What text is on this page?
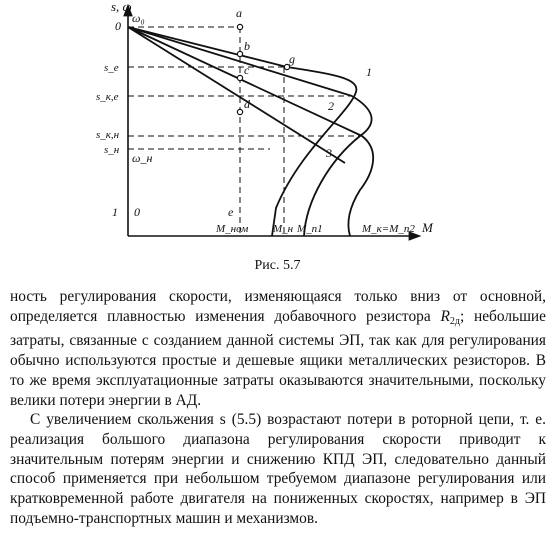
s, ω
0
ω₀	a
b
g
c
d
s_e
s_к,е
s_к,н
s_н
ω_н
1 0	e
1
2
3
M_ном M_н M_п1	M_к=M_п2 M
Рис. 5.7

ность регулирования скорости, изменяющаяся только вниз от основной, определяется плавностью изменения добавочного резистора $R_{2д}$; небольшие затраты, связанные с созданием данной системы ЭП, так как для регулирования обычно используются простые и дешевые ящики металлических резисторов. В то же время эксплуатационные затраты оказываются значительными, поскольку велики потери энергии в АД.

С увеличением скольжения s (5.5) возрастают потери в роторной цепи, т. е. реализация большого диапазона регулирования скорости приводит к значительным потерям энергии и снижению КПД ЭП, следовательно данный способ применяется при небольшом требуемом диапазоне регулирования или кратковременной работе двигателя на пониженных скоростях, например в ЭП подъемно-транспортных машин и механизмов.
